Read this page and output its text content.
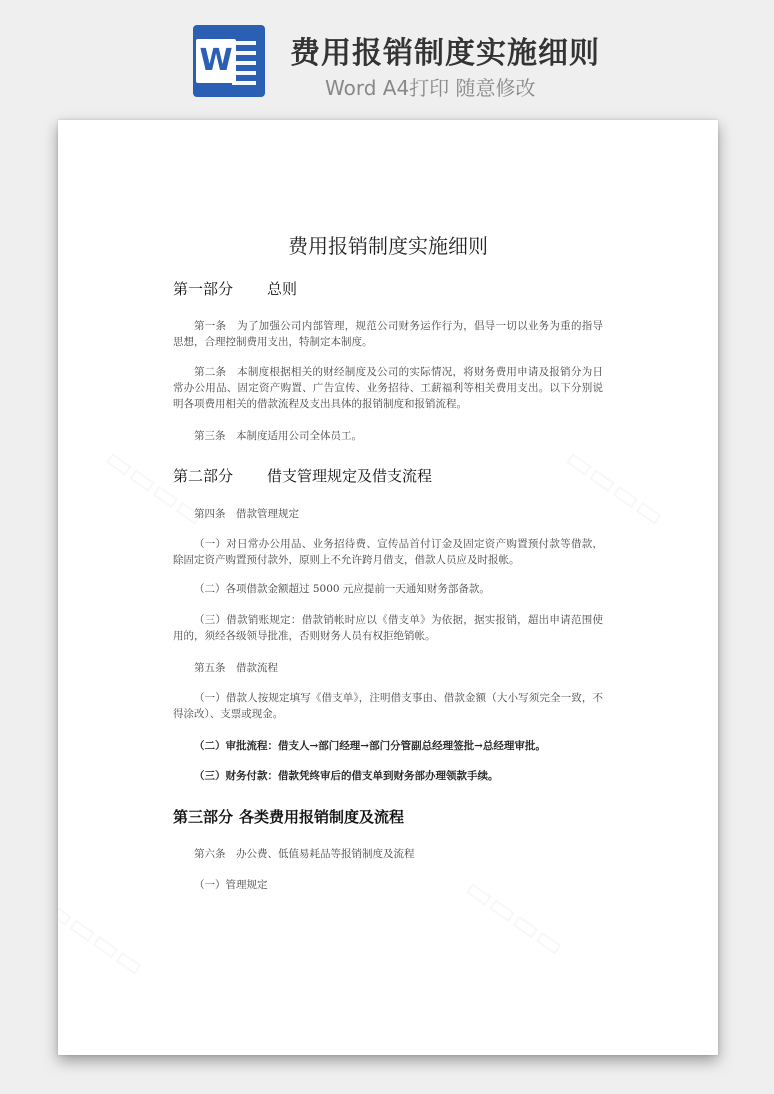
W 费用报销制度实施细则
Word A4打印 随意修改
费用报销制度实施细则
第一部分 总则
第一条　为了加强公司内部管理，规范公司财务运作行为，倡导一切以业务为重的指导思想，合理控制费用支出，特制定本制度。
第二条　本制度根据相关的财经制度及公司的实际情况，将财务费用申请及报销分为日常办公用品、固定资产购置、广告宣传、业务招待、工薪福利等相关费用支出。以下分别说明各项费用相关的借款流程及支出具体的报销制度和报销流程。
第三条　本制度适用公司全体员工。
第二部分 借支管理规定及借支流程
第四条　借款管理规定
（一）对日常办公用品、业务招待费、宣传品首付订金及固定资产购置预付款等借款，除固定资产购置预付款外，原则上不允许跨月借支，借款人员应及时报帐。
（二）各项借款金额超过 5000 元应提前一天通知财务部备款。
（三）借款销账规定：借款销帐时应以《借支单》为依据，据实报销，超出申请范围使用的，须经各级领导批准，否则财务人员有权拒绝销帐。
第五条　借款流程
（一）借款人按规定填写《借支单》，注明借支事由、借款金额（大小写须完全一致，不得涂改）、支票或现金。
（二）审批流程：借支人→部门经理→部门分管副总经理签批→总经理审批。
（三）财务付款：借款凭终审后的借支单到财务部办理领款手续。
第三部分 各类费用报销制度及流程
第六条　办公费、低值易耗品等报销制度及流程
（一）管理规定
